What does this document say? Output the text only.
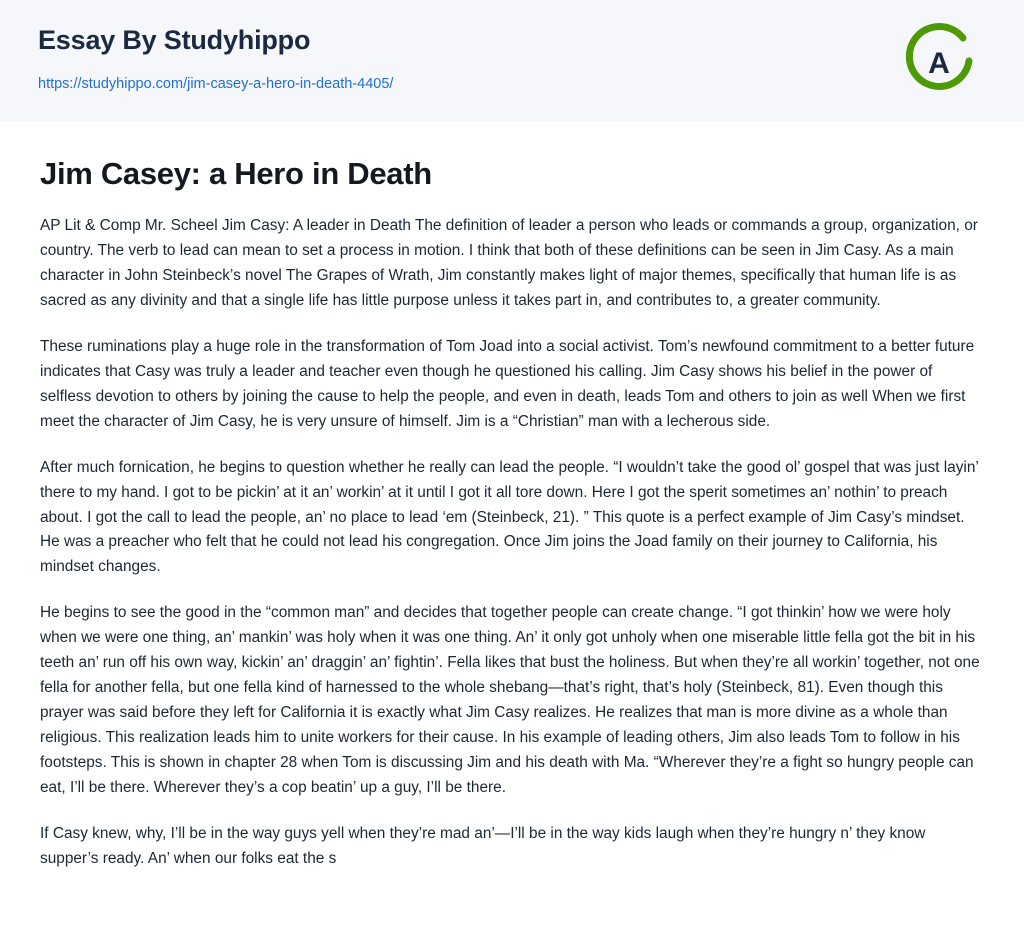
Essay By Studyhippo
https://studyhippo.com/jim-casey-a-hero-in-death-4405/
A
Jim Casey: a Hero in Death

AP Lit & Comp Mr. Scheel Jim Casy: A leader in Death The definition of leader a person who leads or commands a group, organization, or country. The verb to lead can mean to set a process in motion. I think that both of these definitions can be seen in Jim Casy. As a main character in John Steinbeck’s novel The Grapes of Wrath, Jim constantly makes light of major themes, specifically that human life is as sacred as any divinity and that a single life has little purpose unless it takes part in, and contributes to, a greater community.

These ruminations play a huge role in the transformation of Tom Joad into a social activist. Tom’s newfound commitment to a better future indicates that Casy was truly a leader and teacher even though he questioned his calling. Jim Casy shows his belief in the power of selfless devotion to others by joining the cause to help the people, and even in death, leads Tom and others to join as well When we first meet the character of Jim Casy, he is very unsure of himself. Jim is a “Christian” man with a lecherous side.

After much fornication, he begins to question whether he really can lead the people. “I wouldn’t take the good ol’ gospel that was just layin’ there to my hand. I got to be pickin’ at it an’ workin’ at it until I got it all tore down. Here I got the sperit sometimes an’ nothin’ to preach about. I got the call to lead the people, an’ no place to lead ‘em (Steinbeck, 21). ” This quote is a perfect example of Jim Casy’s mindset. He was a preacher who felt that he could not lead his congregation. Once Jim joins the Joad family on their journey to California, his mindset changes.

He begins to see the good in the “common man” and decides that together people can create change. “I got thinkin’ how we were holy when we were one thing, an’ mankin’ was holy when it was one thing. An’ it only got unholy when one miserable little fella got the bit in his teeth an’ run off his own way, kickin’ an’ draggin’ an’ fightin’. Fella likes that bust the holiness. But when they’re all workin’ together, not one fella for another fella, but one fella kind of harnessed to the whole shebang—that’s right, that’s holy (Steinbeck, 81). Even though this prayer was said before they left for California it is exactly what Jim Casy realizes. He realizes that man is more divine as a whole than religious. This realization leads him to unite workers for their cause. In his example of leading others, Jim also leads Tom to follow in his footsteps. This is shown in chapter 28 when Tom is discussing Jim and his death with Ma. “Wherever they’re a fight so hungry people can eat, I’ll be there. Wherever they’s a cop beatin’ up a guy, I’ll be there.

If Casy knew, why, I’ll be in the way guys yell when they’re mad an’—I’ll be in the way kids laugh when they’re hungry n’ they know supper’s ready. An’ when our folks eat the s
